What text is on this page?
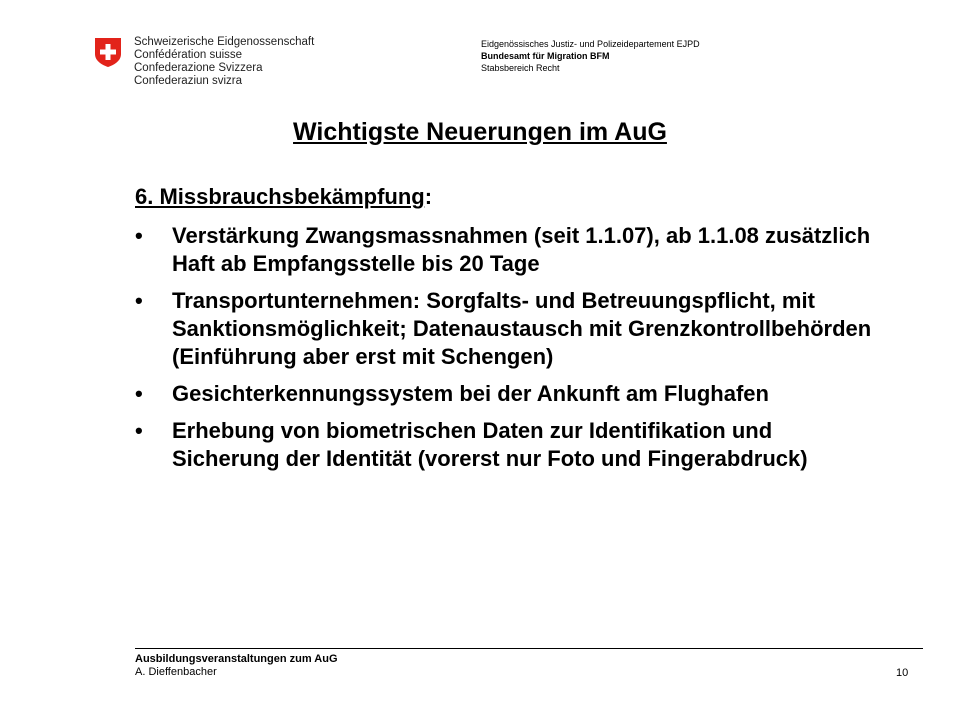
Schweizerische Eidgenossenschaft
Confédération suisse
Confederazione Svizzera
Confederaziun svizra
Eidgenössisches Justiz- und Polizeidepartement EJPD
Bundesamt für Migration BFM
Stabsbereich Recht
Wichtigste Neuerungen im AuG

6. Missbrauchsbekämpfung:

• Verstärkung Zwangsmassnahmen (seit 1.1.07), ab 1.1.08 zusätzlich Haft ab Empfangsstelle bis 20 Tage
• Transportunternehmen: Sorgfalts- und Betreuungspflicht, mit Sanktionsmöglichkeit; Datenaustausch mit Grenzkontrollbehörden (Einführung aber erst mit Schengen)
• Gesichterkennungssystem bei der Ankunft am Flughafen
• Erhebung von biometrischen Daten zur Identifikation und Sicherung der Identität (vorerst nur Foto und Fingerabdruck)
Ausbildungsveranstaltungen zum AuG
A. Dieffenbacher	10
